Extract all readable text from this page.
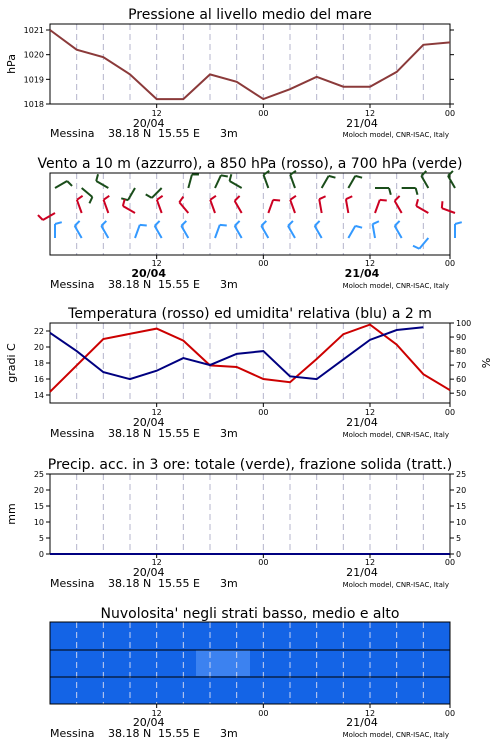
Pressione al livello medio del mare
hPa
1018
1019
1020
1021
Vento a 10 m (azzurro), a 850 hPa (rosso), a 700 hPa (verde)
Temperatura (rosso) ed umidita' relativa (blu) a 2 m
gradi C	%
14
16
18
20
22
50
60
70
80
90
100
Precip. acc. in 3 ore: totale (verde), frazione solida (tratt.)
mm
0
5
10
15
20
25
0
5
10
15
20
25
Nuvolosita' negli strati basso, medio e alto
12	00	12	00
20/04	21/04
Messina 38.18 N 15.55 E 3m	Moloch model, CNR-ISAC, Italy
12	00	12	00
20/04	21/04
Messina 38.18 N 15.55 E 3m	Moloch model, CNR-ISAC, Italy
12	00	12	00
20/04	21/04
Messina 38.18 N 15.55 E 3m	Moloch model, CNR-ISAC, Italy
12	00	12	00
20/04	21/04
Messina 38.18 N 15.55 E 3m	Moloch model, CNR-ISAC, Italy
12	00	12	00
20/04	21/04
Messina 38.18 N 15.55 E 3m	Moloch model, CNR-ISAC, Italy
